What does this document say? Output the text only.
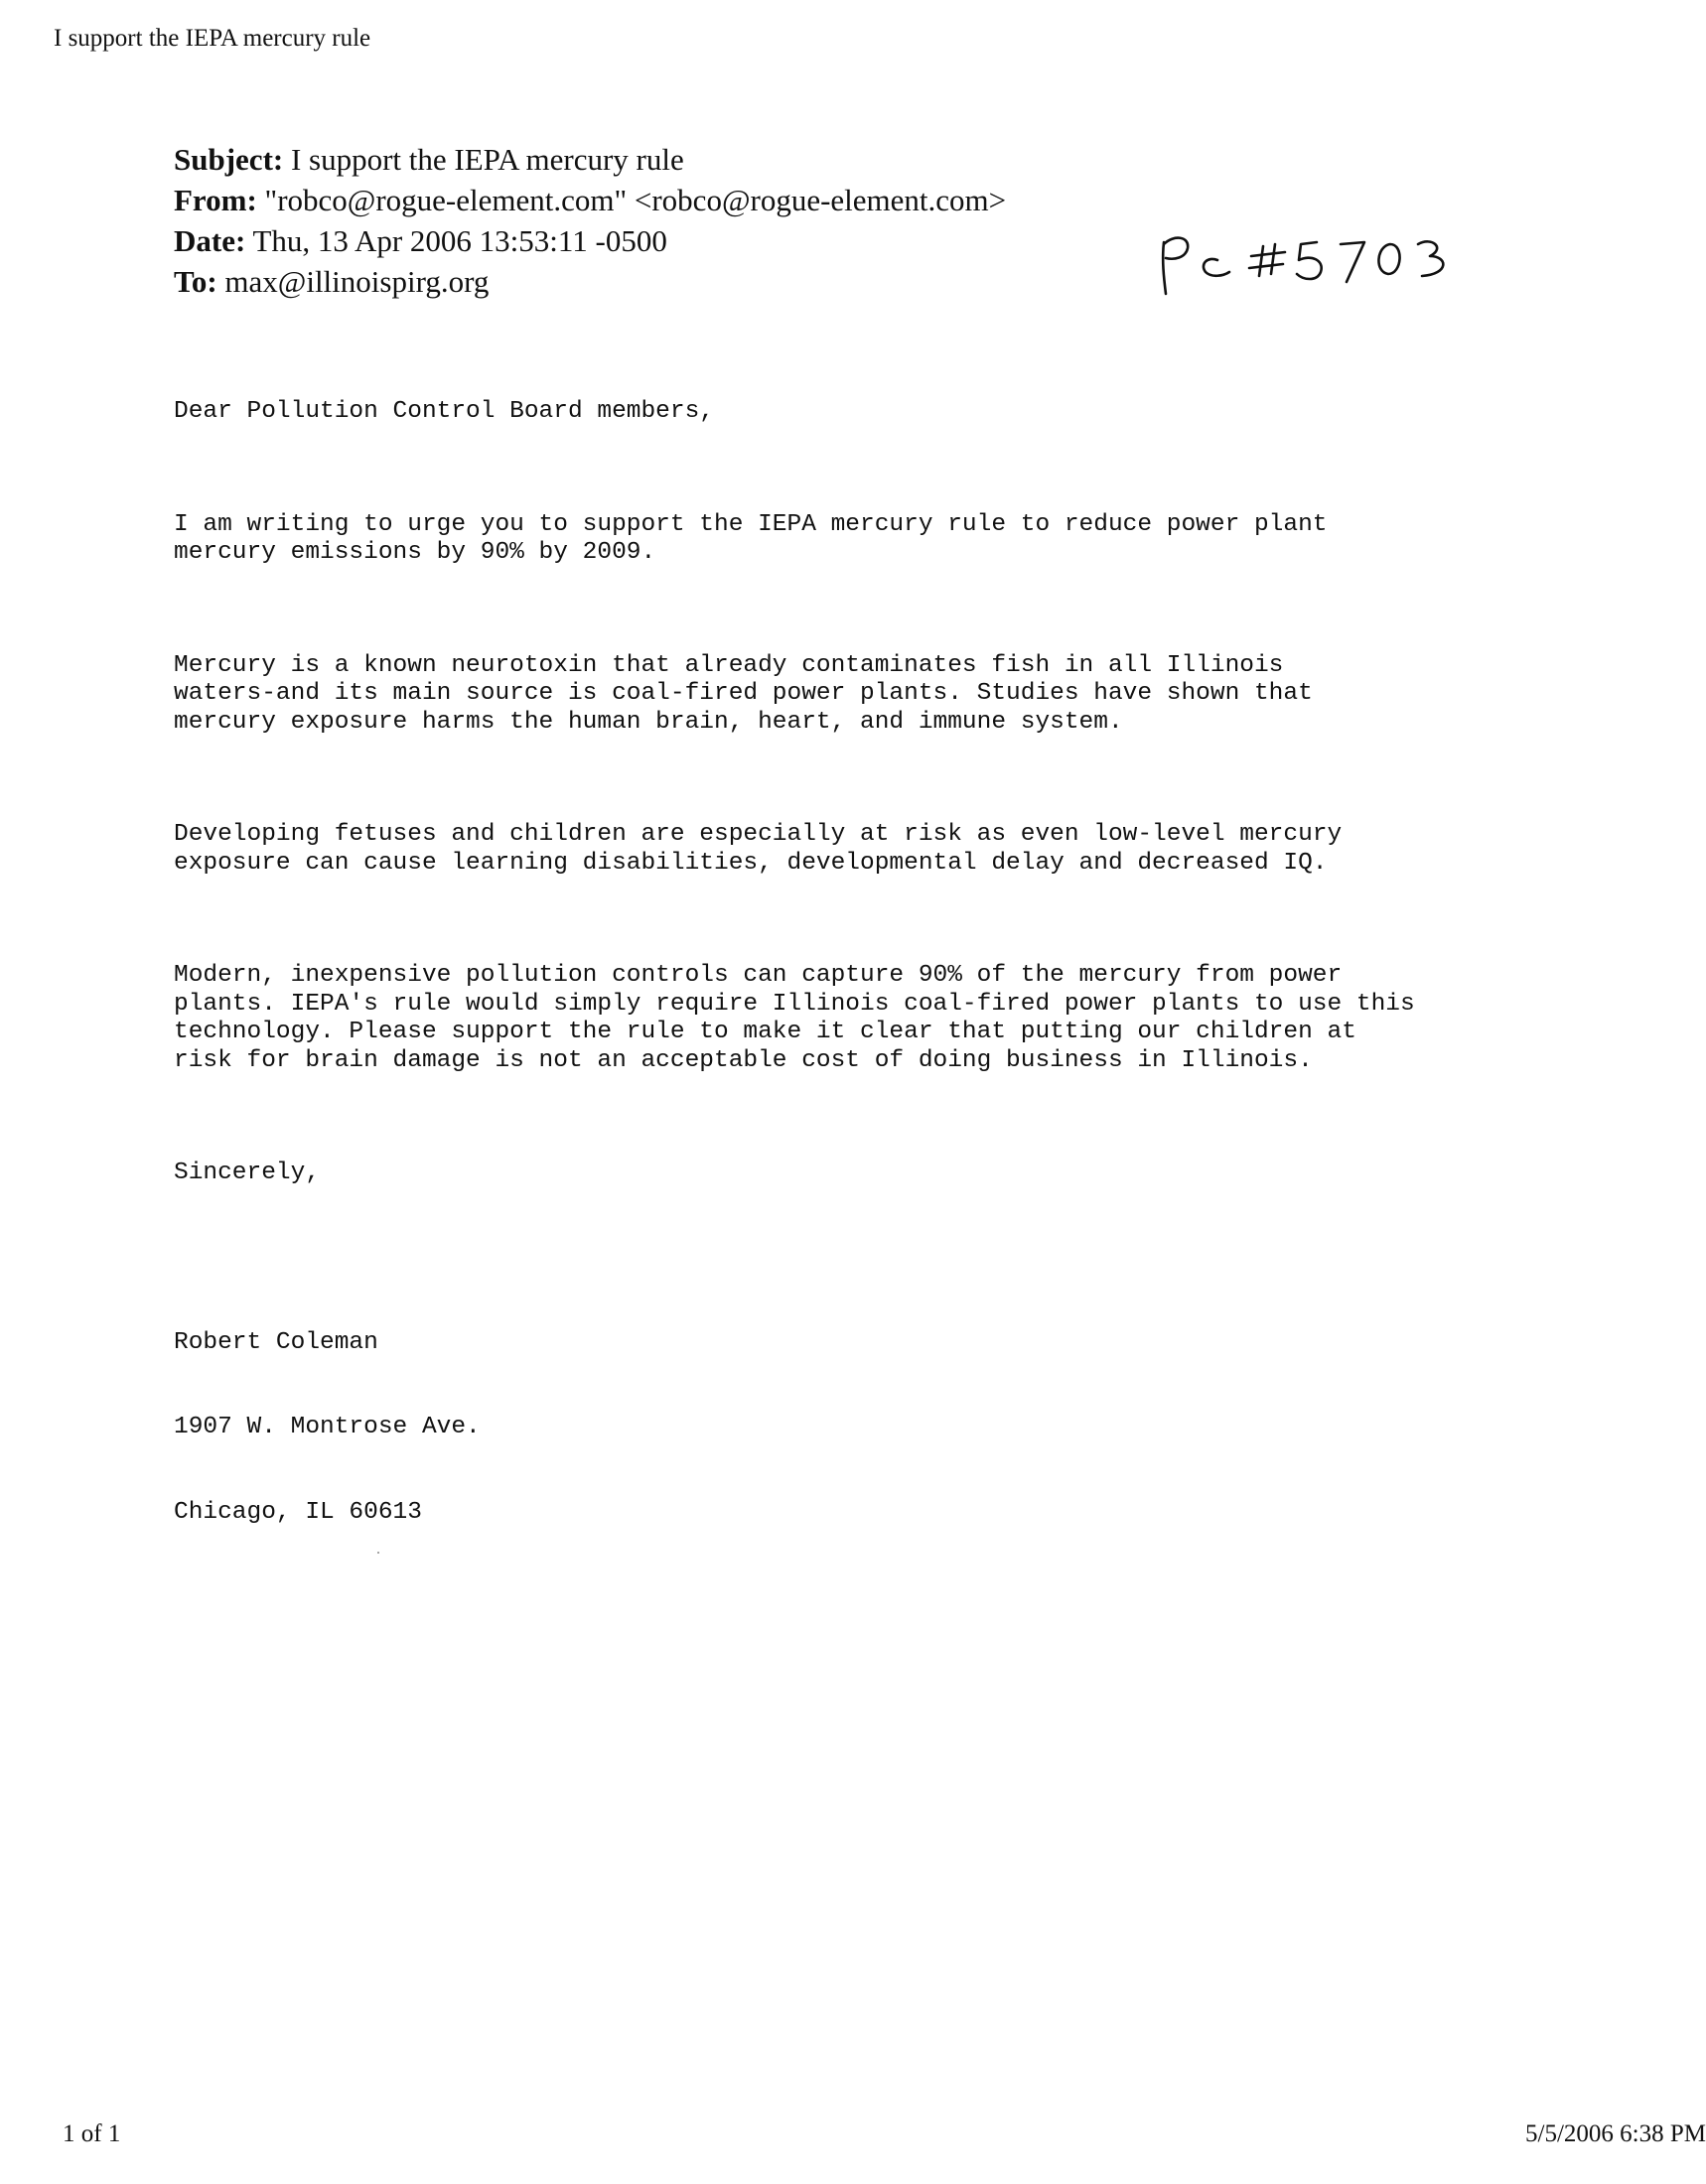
I support the IEPA mercury rule
Subject: I support the IEPA mercury rule
From: "robco@rogue-element.com" <robco@rogue-element.com>
Date: Thu, 13 Apr 2006 13:53:11 -0500
To: max@illinoispirg.org

Dear Pollution Control Board members,

I am writing to urge you to support the IEPA mercury rule to reduce power plant
mercury emissions by 90% by 2009.

Mercury is a known neurotoxin that already contaminates fish in all Illinois
waters-and its main source is coal-fired power plants. Studies have shown that
mercury exposure harms the human brain, heart, and immune system.

Developing fetuses and children are especially at risk as even low-level mercury
exposure can cause learning disabilities, developmental delay and decreased IQ.

Modern, inexpensive pollution controls can capture 90% of the mercury from power
plants. IEPA's rule would simply require Illinois coal-fired power plants to use this
technology. Please support the rule to make it clear that putting our children at
risk for brain damage is not an acceptable cost of doing business in Illinois.

Sincerely,

Robert Coleman

1907 W. Montrose Ave.

Chicago, IL 60613

1 of 1	5/5/2006 6:38 PM
